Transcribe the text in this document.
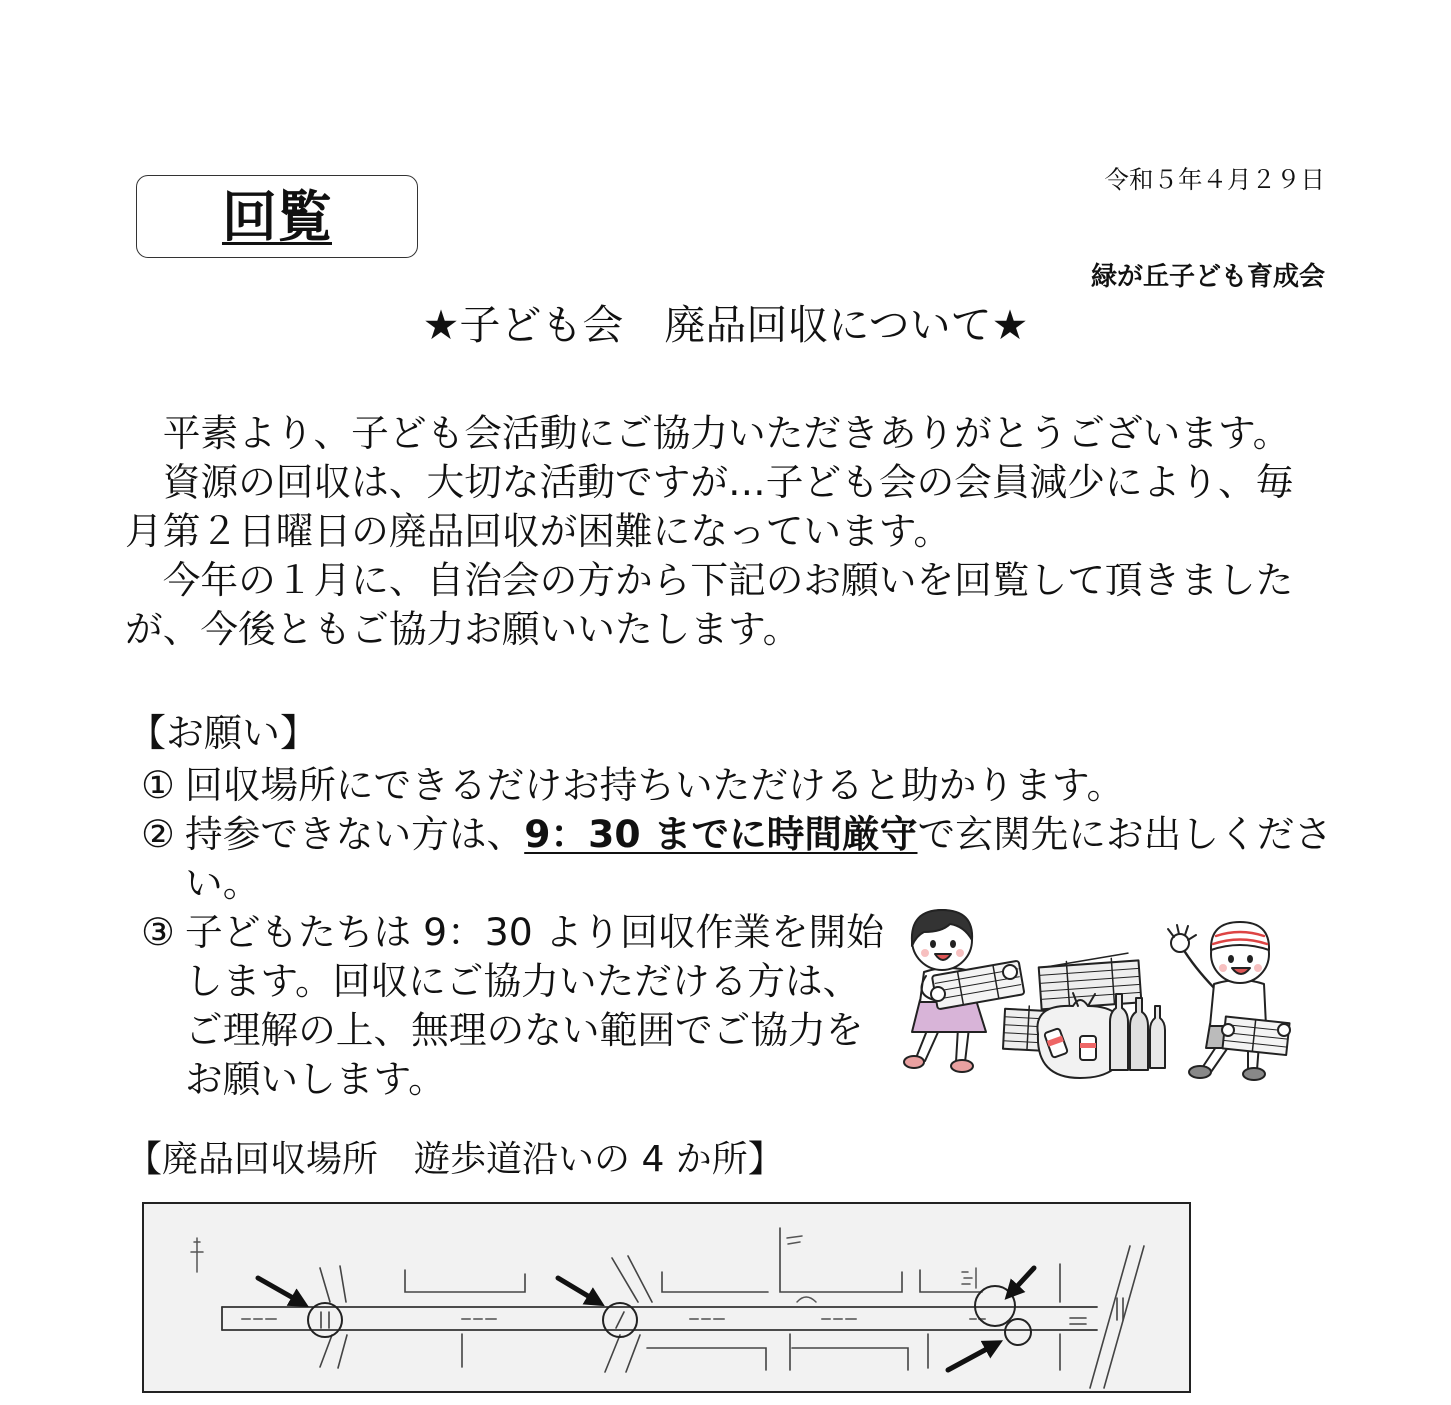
回覧
令和５年４月２９日
緑が丘子ども育成会
★子ども会　廃品回収について★
平素より、子ども会活動にご協力いただきありがとうございます。
資源の回収は、大切な活動ですが…子ども会の会員減少により、毎
月第２日曜日の廃品回収が困難になっています。
今年の１月に、自治会の方から下記のお願いを回覧して頂きました
が、今後ともご協力お願いいたします。
【お願い】
① 回収場所にできるだけお持ちいただけると助かります。
② 持参できない方は、9：30 までに時間厳守で玄関先にお出しくださ
い。
③ 子どもたちは 9：30 より回収作業を開始
します。回収にご協力いただける方は、
ご理解の上、無理のない範囲でご協力を
お願いします。
【廃品回収場所　遊歩道沿いの 4 か所】
